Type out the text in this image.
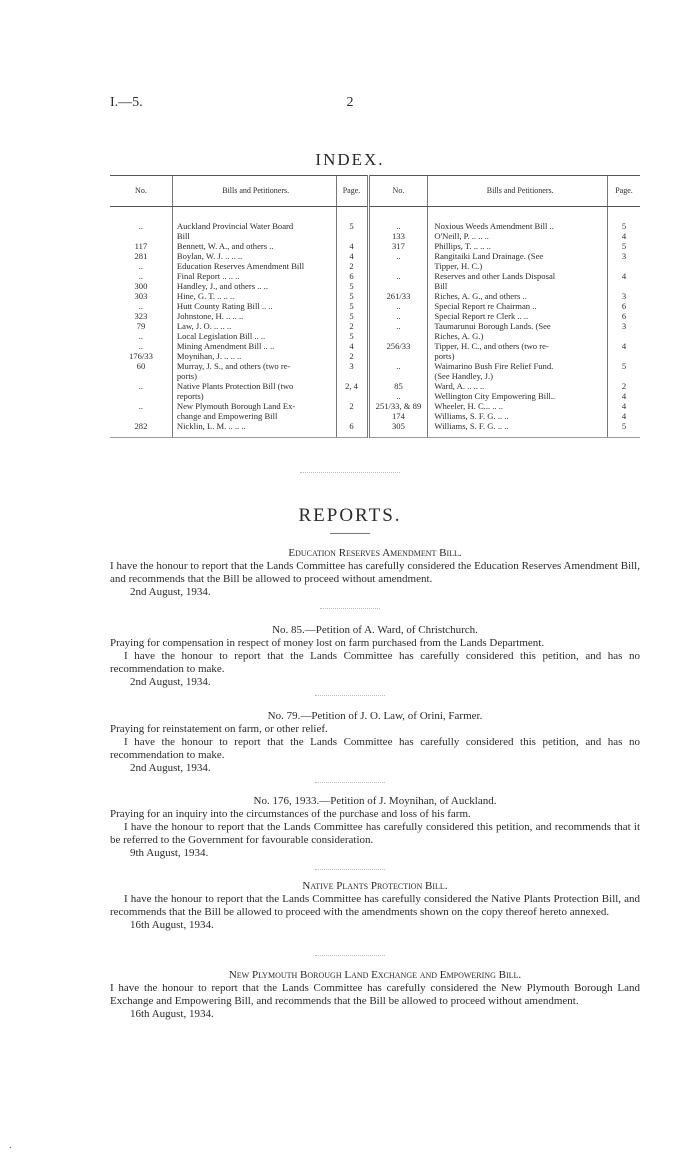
I.—5.	2
INDEX.
No.	Bills and Petitioners.	Page.	No.	Bills and Petitioners.	Page.
..	Auckland Provincial Water Board	5	..	Noxious Weeds Amendment Bill ..	5
	Bill		133	O'Neill, P. .. .. ..	4
117	Bennett, W. A., and others ..	4	317	Phillips, T. .. .. ..	5
281	Boylan, W. J. .. .. ..	4	..	Rangitaiki Land Drainage. (See	3
..	Education Reserves Amendment Bill	2		Tipper, H. C.)	
..	Final Report .. .. ..	6	..	Reserves and other Lands Disposal	4
300	Handley, J., and others .. ..	5		Bill	
303	Hine, G. T. .. .. ..	5	261/33	Riches, A. G., and others ..	3
..	Hutt County Rating Bill .. ..	5	..	Special Report re Chairman ..	6
323	Johnstone, H. .. .. ..	5	..	Special Report re Clerk .. ..	6
79	Law, J. O. .. .. ..	2	..	Taumarunui Borough Lands. (See	3
..	Local Legislation Bill .. ..	5		Riches, A. G.)	
..	Mining Amendment Bill .. ..	4	256/33	Tipper, H. C., and others (two re-	4
176/33	Moynihan, J. .. .. ..	2		ports)	
60	Murray, J. S., and others (two re-	3	..	Waimarino Bush Fire Relief Fund.	5
	ports)			(See Handley, J.)	
..	Native Plants Protection Bill (two	2, 4	85	Ward, A. .. .. ..	2
	reports)		..	Wellington City Empowering Bill..	4
..	New Plymouth Borough Land Ex-	2	251/33, & 89	Wheeler, H. C... .. ..	4
	change and Empowering Bill		174	Williams, S. F. G. .. ..	4
282	Nicklin, L. M. .. .. ..	6	305	Williams, S. F. G. .. ..	5
REPORTS.
Education Reserves Amendment Bill.

I have the honour to report that the Lands Committee has carefully considered the Education Reserves Amendment Bill, and recommends that the Bill be allowed to proceed without amendment.

2nd August, 1934.
No. 85.—Petition of A. Ward, of Christchurch.

Praying for compensation in respect of money lost on farm purchased from the Lands Department.

I have the honour to report that the Lands Committee has carefully considered this petition, and has no recommendation to make.

2nd August, 1934.
No. 79.—Petition of J. O. Law, of Orini, Farmer.

Praying for reinstatement on farm, or other relief.

I have the honour to report that the Lands Committee has carefully considered this petition, and has no recommendation to make.

2nd August, 1934.
No. 176, 1933.—Petition of J. Moynihan, of Auckland.

Praying for an inquiry into the circumstances of the purchase and loss of his farm.

I have the honour to report that the Lands Committee has carefully considered this petition, and recommends that it be referred to the Government for favourable consideration.

9th August, 1934.
Native Plants Protection Bill.

I have the honour to report that the Lands Committee has carefully considered the Native Plants Protection Bill, and recommends that the Bill be allowed to proceed with the amendments shown on the copy thereof hereto annexed.

16th August, 1934.
New Plymouth Borough Land Exchange and Empowering Bill.

I have the honour to report that the Lands Committee has carefully considered the New Plymouth Borough Land Exchange and Empowering Bill, and recommends that the Bill be allowed to proceed without amendment.

16th August, 1934.
.
